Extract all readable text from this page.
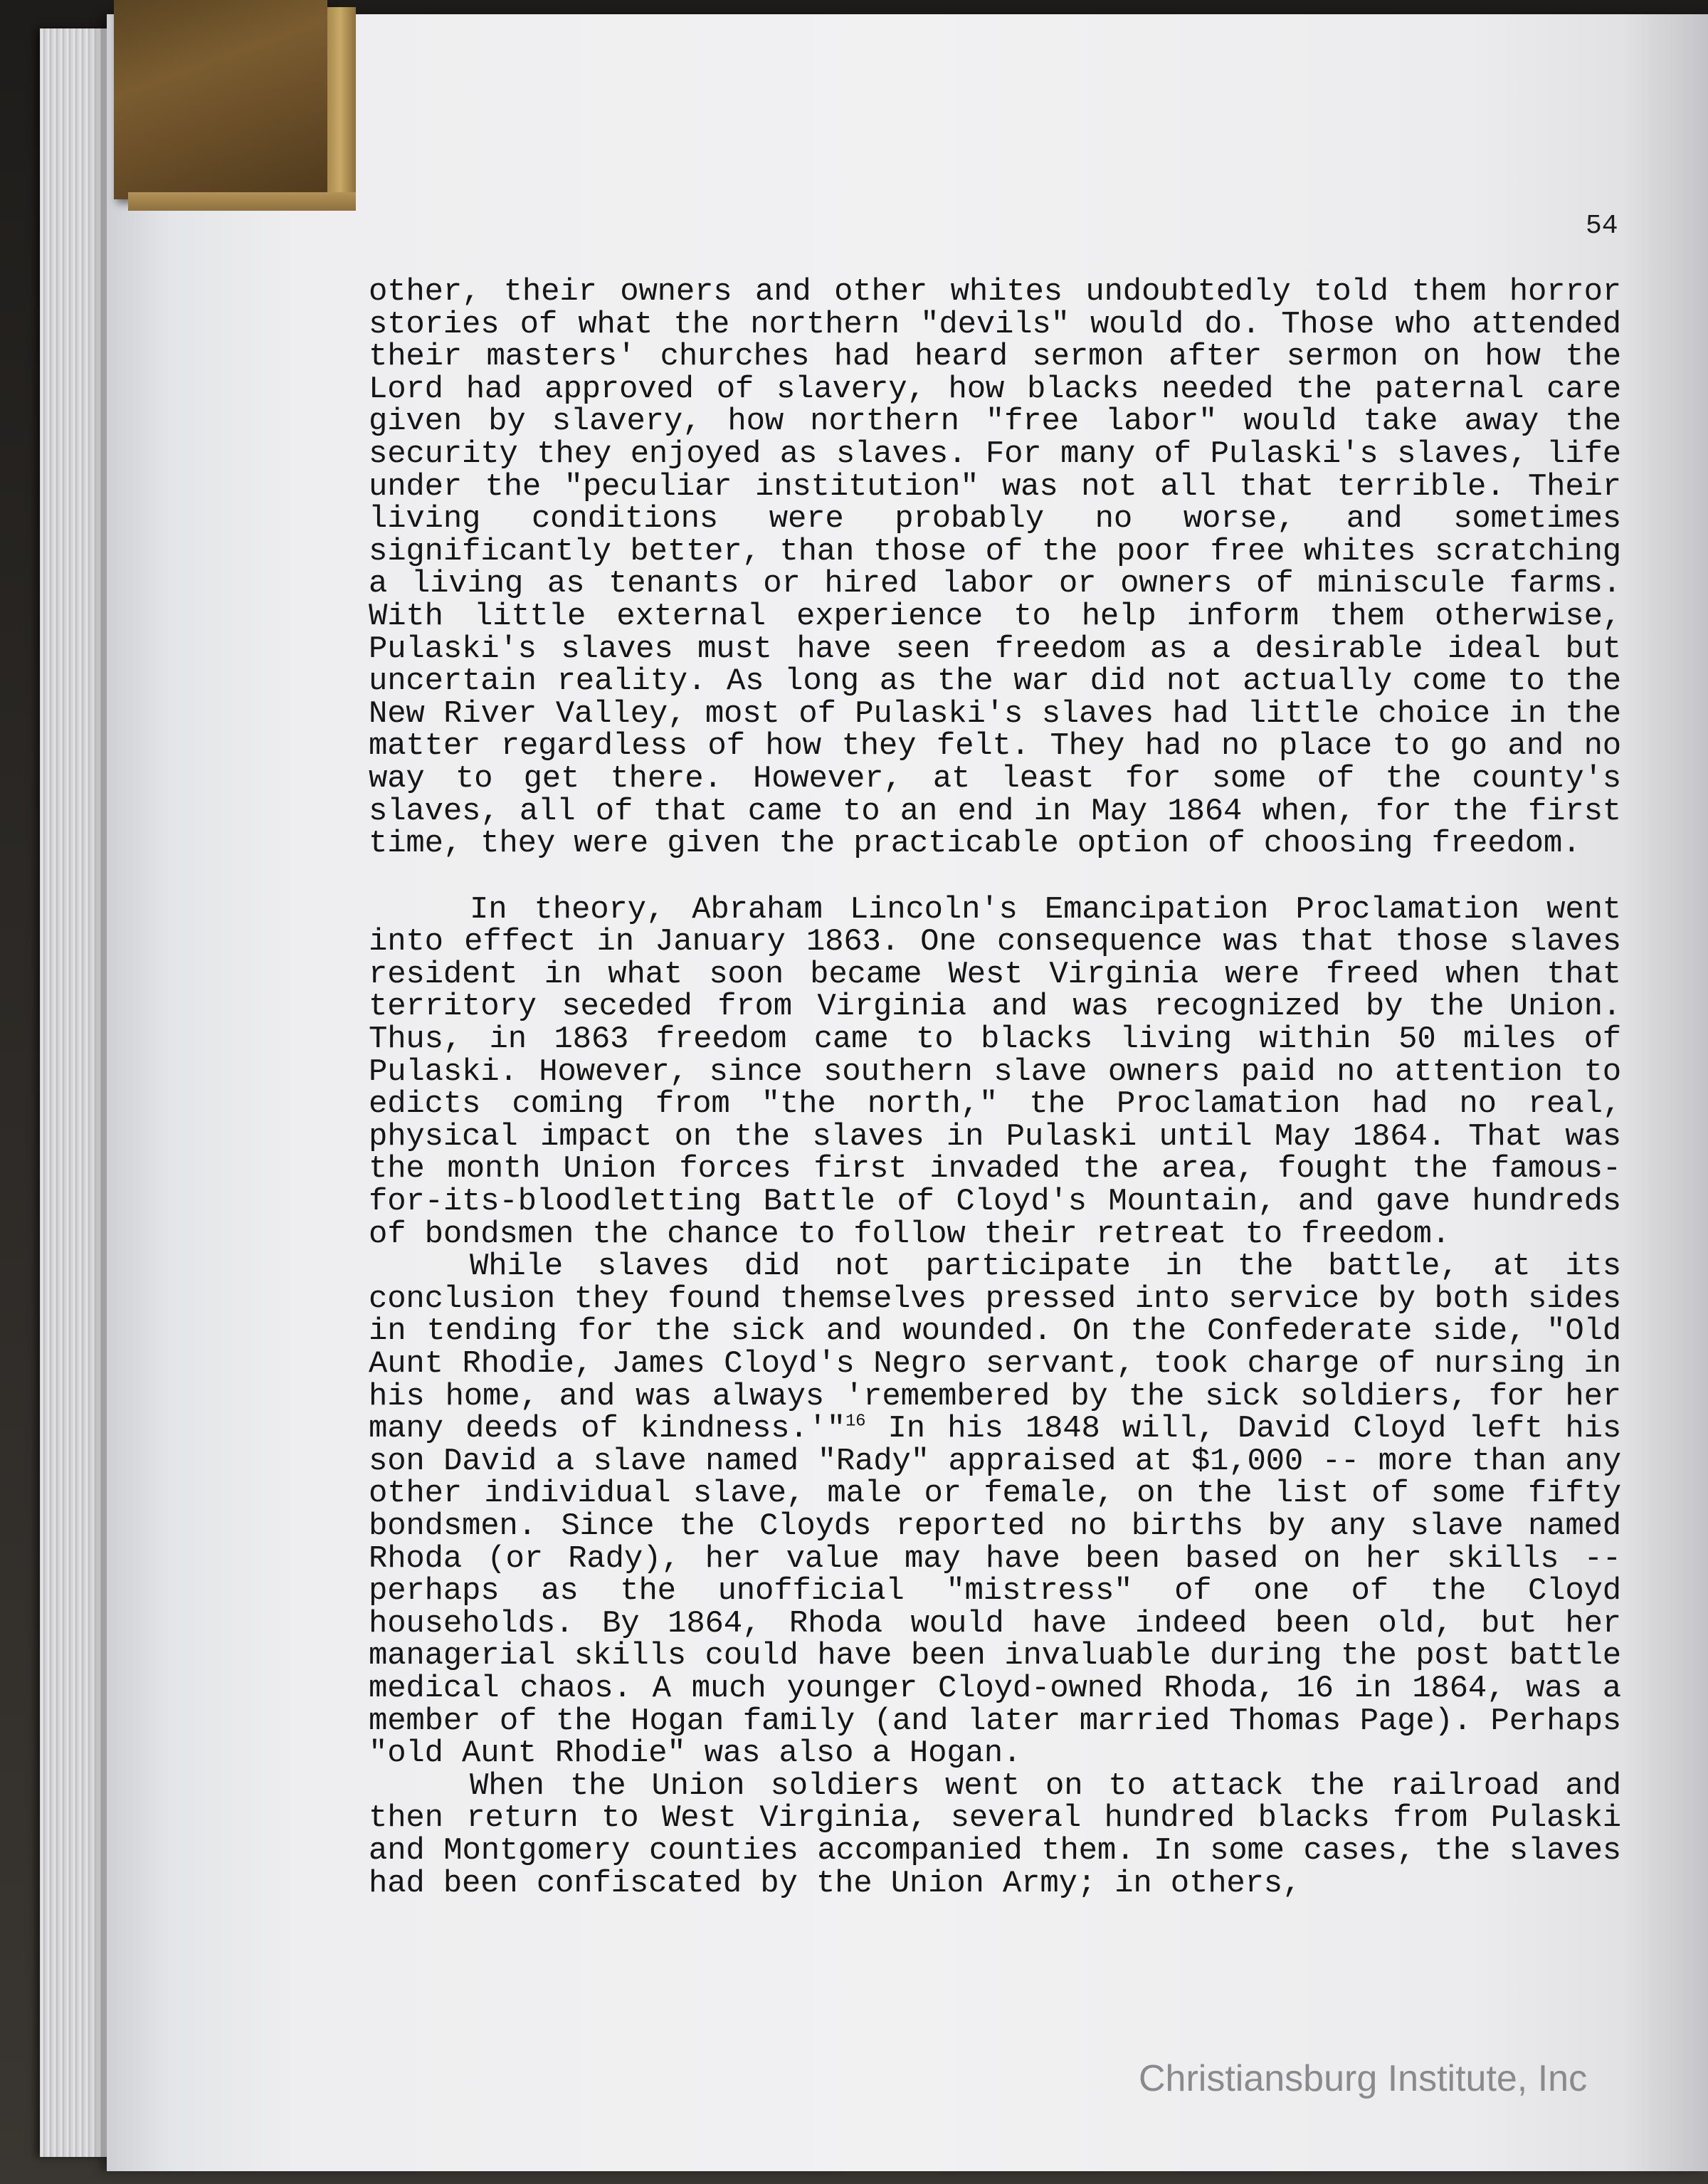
54

other, their owners and other whites undoubtedly told them horror stories of what the northern "devils" would do. Those who attended their masters' churches had heard sermon after sermon on how the Lord had approved of slavery, how blacks needed the paternal care given by slavery, how northern "free labor" would take away the security they enjoyed as slaves. For many of Pulaski's slaves, life under the "peculiar institution" was not all that terrible. Their living conditions were probably no worse, and sometimes significantly better, than those of the poor free whites scratching a living as tenants or hired labor or owners of miniscule farms. With little external experience to help inform them otherwise, Pulaski's slaves must have seen freedom as a desirable ideal but uncertain reality. As long as the war did not actually come to the New River Valley, most of Pulaski's slaves had little choice in the matter regardless of how they felt. They had no place to go and no way to get there. However, at least for some of the county's slaves, all of that came to an end in May 1864 when, for the first time, they were given the practicable option of choosing freedom.

In theory, Abraham Lincoln's Emancipation Proclamation went into effect in January 1863. One consequence was that those slaves resident in what soon became West Virginia were freed when that territory seceded from Virginia and was recognized by the Union. Thus, in 1863 freedom came to blacks living within 50 miles of Pulaski. However, since southern slave owners paid no attention to edicts coming from "the north," the Proclamation had no real, physical impact on the slaves in Pulaski until May 1864. That was the month Union forces first invaded the area, fought the famous-for-its-bloodletting Battle of Cloyd's Mountain, and gave hundreds of bondsmen the chance to follow their retreat to freedom.

While slaves did not participate in the battle, at its conclusion they found themselves pressed into service by both sides in tending for the sick and wounded. On the Confederate side, "Old Aunt Rhodie, James Cloyd's Negro servant, took charge of nursing in his home, and was always 'remembered by the sick soldiers, for her many deeds of kindness.'"$^{16}$ In his 1848 will, David Cloyd left his son David a slave named "Rady" appraised at $1,000 -- more than any other individual slave, male or female, on the list of some fifty bondsmen. Since the Cloyds reported no births by any slave named Rhoda (or Rady), her value may have been based on her skills -- perhaps as the unofficial "mistress" of one of the Cloyd households. By 1864, Rhoda would have indeed been old, but her managerial skills could have been invaluable during the post battle medical chaos. A much younger Cloyd-owned Rhoda, 16 in 1864, was a member of the Hogan family (and later married Thomas Page). Perhaps "old Aunt Rhodie" was also a Hogan.

When the Union soldiers went on to attack the railroad and then return to West Virginia, several hundred blacks from Pulaski and Montgomery counties accompanied them. In some cases, the slaves had been confiscated by the Union Army; in others,

Christiansburg Institute, Inc
